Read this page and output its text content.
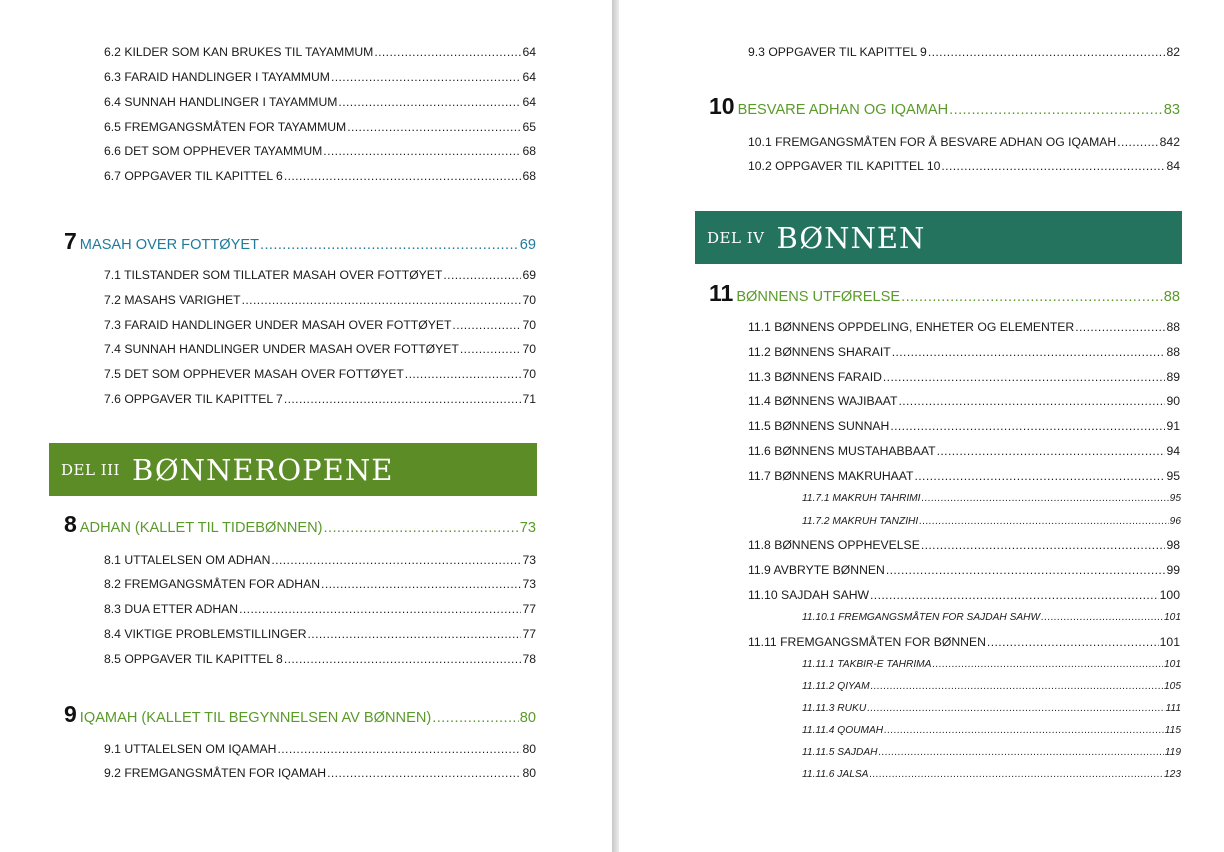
6.2 KILDER SOM KAN BRUKES TIL TAYAMMUM .....	64
6.3 FARAID HANDLINGER I TAYAMMUM .....	64
6.4 SUNNAH HANDLINGER I TAYAMMUM .....	64
6.5 FREMGANGSMÅTEN FOR TAYAMMUM .....	65
6.6 DET SOM OPPHEVER TAYAMMUM .....	68
6.7 OPPGAVER TIL KAPITTEL 6 .....	68
7 MASAH OVER FOTTØYET .....	69
7.1 TILSTANDER SOM TILLATER MASAH OVER FOTTØYET .....	69
7.2 MASAHS VARIGHET .....	70
7.3 FARAID HANDLINGER UNDER MASAH OVER FOTTØYET .....	70
7.4 SUNNAH HANDLINGER UNDER MASAH OVER FOTTØYET .....	70
7.5 DET SOM OPPHEVER MASAH OVER FOTTØYET .....	70
7.6 OPPGAVER TIL KAPITTEL 7 .....	71
DEL III BØNNEROPENE
8 ADHAN (KALLET TIL TIDEBØNNEN) .....	73
8.1 UTTALELSEN OM ADHAN .....	73
8.2 FREMGANGSMÅTEN FOR ADHAN .....	73
8.3 DUA ETTER ADHAN .....	77
8.4 VIKTIGE PROBLEMSTILLINGER .....	77
8.5 OPPGAVER TIL KAPITTEL 8 .....	78
9 IQAMAH (KALLET TIL BEGYNNELSEN AV BØNNEN) .....	80
9.1 UTTALELSEN OM IQAMAH .....	80
9.2 FREMGANGSMÅTEN FOR IQAMAH .....	80
9.3 OPPGAVER TIL KAPITTEL 9 .....	82
10 BESVARE ADHAN OG IQAMAH .....	83
10.1 FREMGANGSMÅTEN FOR Å BESVARE ADHAN OG IQAMAH .....	842
10.2 OPPGAVER TIL KAPITTEL 10 .....	84
DEL IV BØNNEN
11 BØNNENS UTFØRELSE .....	88
11.1 BØNNENS OPPDELING, ENHETER OG ELEMENTER .....	88
11.2 BØNNENS SHARAIT .....	88
11.3 BØNNENS FARAID .....	89
11.4 BØNNENS WAJIBAAT .....	90
11.5 BØNNENS SUNNAH .....	91
11.6 BØNNENS MUSTAHABBAAT .....	94
11.7 BØNNENS MAKRUHAAT .....	95
11.7.1 MAKRUH TAHRIMI .....	95
11.7.2 MAKRUH TANZIHI .....	96
11.8 BØNNENS OPPHEVELSE .....	98
11.9 AVBRYTE BØNNEN .....	99
11.10 SAJDAH SAHW .....	100
11.10.1 FREMGANGSMÅTEN FOR SAJDAH SAHW .....	101
11.11 FREMGANGSMÅTEN FOR BØNNEN .....	101
11.11.1 TAKBIR-E TAHRIMA .....	101
11.11.2 QIYAM .....	105
11.11.3 RUKU .....	111
11.11.4 QOUMAH .....	115
11.11.5 SAJDAH .....	119
11.11.6 JALSA .....	123
